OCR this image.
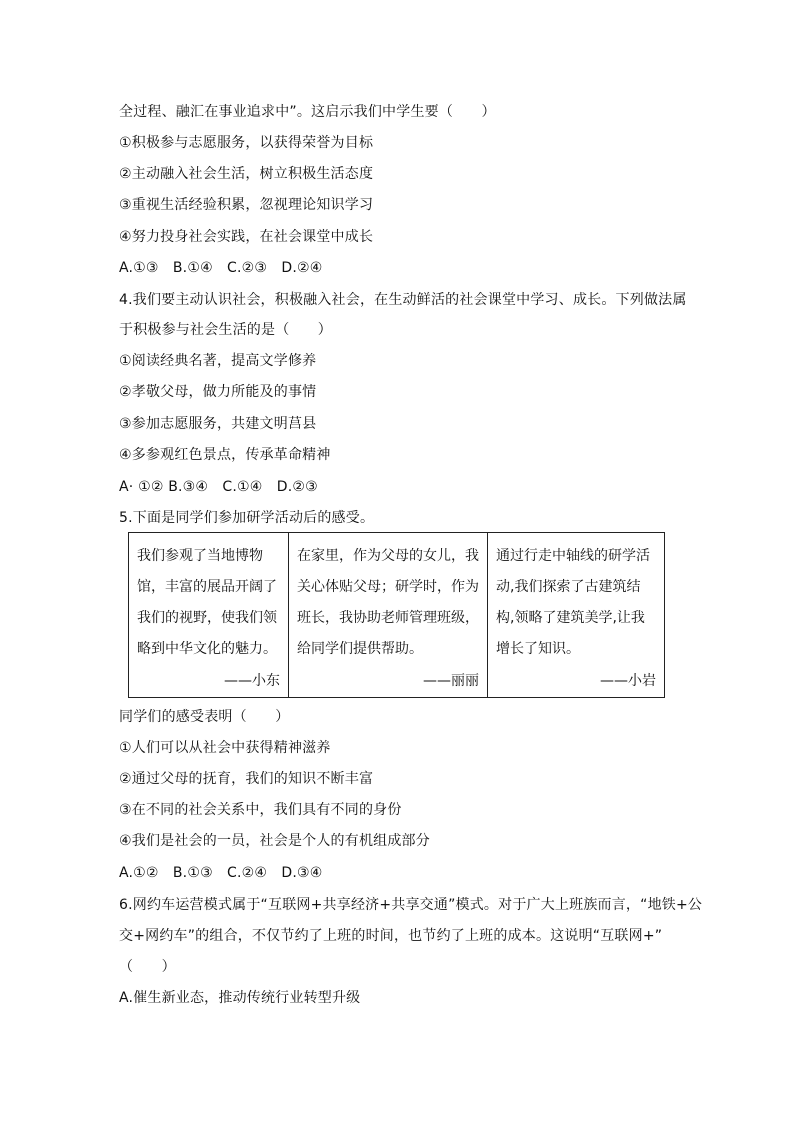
全过程、融汇在事业追求中”。这启示我们中学生要（　　）
①积极参与志愿服务，以获得荣誉为目标
②主动融入社会生活，树立积极生活态度
③重视生活经验积累，忽视理论知识学习
④努力投身社会实践，在社会课堂中成长
A.①③　B.①④　C.②③　D.②④
4.我们要主动认识社会，积极融入社会，在生动鲜活的社会课堂中学习、成长。下列做法属
于积极参与社会生活的是（　　）
①阅读经典名著，提高文学修养
②孝敬父母，做力所能及的事情
③参加志愿服务，共建文明莒县
④多参观红色景点，传承革命精神
A· ①② B.③④　C.①④　D.②③
5.下面是同学们参加研学活动后的感受。
我们参观了当地博物馆，丰富的展品开阔了我们的视野，使我们领略到中华文化的魅力。
——小东
在家里，作为父母的女儿，我关心体贴父母；研学时，作为班长，我协助老师管理班级，给同学们提供帮助。
——丽丽
通过行走中轴线的研学活动,我们探索了古建筑结构,领略了建筑美学,让我增长了知识。
——小岩
同学们的感受表明（　　）
①人们可以从社会中获得精神滋养
②通过父母的抚育，我们的知识不断丰富
③在不同的社会关系中，我们具有不同的身份
④我们是社会的一员，社会是个人的有机组成部分
A.①②　B.①③　C.②④　D.③④
6.网约车运营模式属于“互联网+共享经济+共享交通”模式。对于广大上班族而言，“地铁+公
交+网约车”的组合，不仅节约了上班的时间，也节约了上班的成本。这说明“互联网+”
（　　）
A.催生新业态，推动传统行业转型升级
